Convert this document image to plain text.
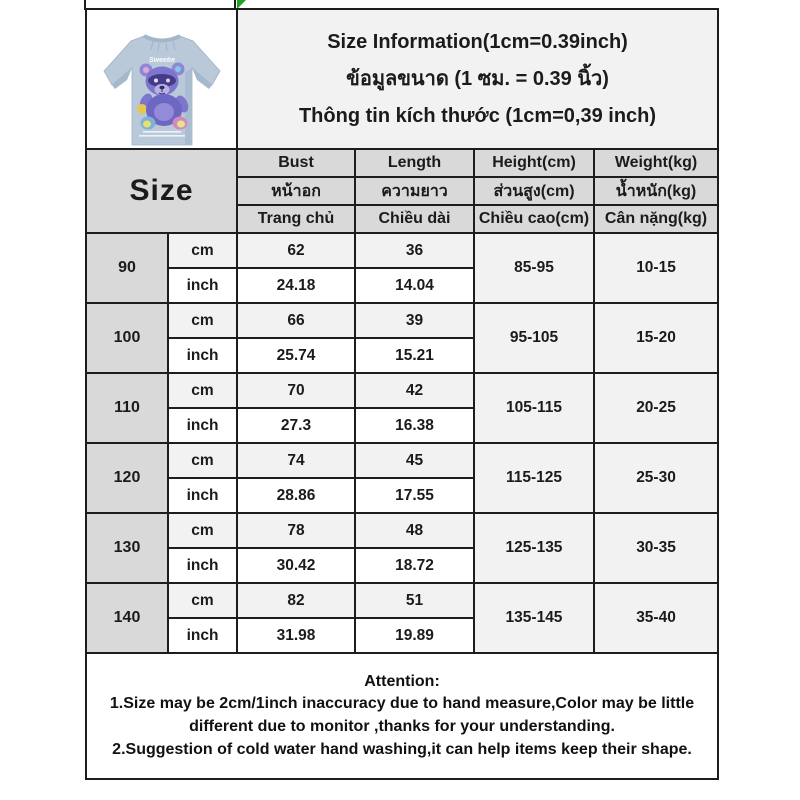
Sweetie		Size Information(1cm=0.39inch)
ข้อมูลขนาด (1 ซม. = 0.39 นิ้ว)
Thông tin kích thước (1cm=0,39 inch)			

Size		Bust	Length	Height(cm)	Weight(kg)
		หน้าอก	ความยาว	ส่วนสูง(cm)	น้ำหนัก(kg)
		Trang chủ	Chiều dài	Chiều cao(cm)	Cân nặng(kg)
90	cm	62	36	85-95	10-15
	inch	24.18	14.04		
100	cm	66	39	95-105	15-20
	inch	25.74	15.21		
110	cm	70	42	105-115	20-25
	inch	27.3	16.38		
120	cm	74	45	115-125	25-30
	inch	28.86	17.55		
130	cm	78	48	125-135	30-35
	inch	30.42	18.72		
140	cm	82	51	135-145	35-40
	inch	31.98	19.89		

Attention:
1.Size may be 2cm/1inch inaccuracy due to hand measure,Color may be little different due to monitor ,thanks for your understanding.
2.Suggestion of cold water hand washing,it can help items keep their shape.					
